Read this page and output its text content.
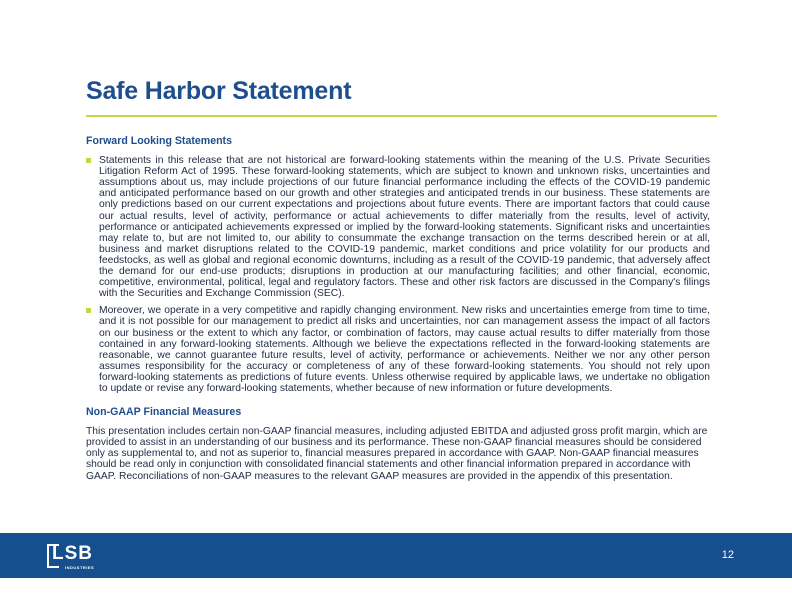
Safe Harbor Statement
Forward Looking Statements
Statements in this release that are not historical are forward-looking statements within the meaning of the U.S. Private Securities Litigation Reform Act of 1995. These forward-looking statements, which are subject to known and unknown risks, uncertainties and assumptions about us, may include projections of our future financial performance including the effects of the COVID-19 pandemic and anticipated performance based on our growth and other strategies and anticipated trends in our business. These statements are only predictions based on our current expectations and projections about future events. There are important factors that could cause our actual results, level of activity, performance or actual achievements to differ materially from the results, level of activity, performance or anticipated achievements expressed or implied by the forward-looking statements. Significant risks and uncertainties may relate to, but are not limited to, our ability to consummate the exchange transaction on the terms described herein or at all, business and market disruptions related to the COVID-19 pandemic, market conditions and price volatility for our products and feedstocks, as well as global and regional economic downturns, including as a result of the COVID-19 pandemic, that adversely affect the demand for our end-use products; disruptions in production at our manufacturing facilities; and other financial, economic, competitive, environmental, political, legal and regulatory factors. These and other risk factors are discussed in the Company's filings with the Securities and Exchange Commission (SEC).
Moreover, we operate in a very competitive and rapidly changing environment. New risks and uncertainties emerge from time to time, and it is not possible for our management to predict all risks and uncertainties, nor can management assess the impact of all factors on our business or the extent to which any factor, or combination of factors, may cause actual results to differ materially from those contained in any forward-looking statements. Although we believe the expectations reflected in the forward-looking statements are reasonable, we cannot guarantee future results, level of activity, performance or achievements. Neither we nor any other person assumes responsibility for the accuracy or completeness of any of these forward-looking statements. You should not rely upon forward-looking statements as predictions of future events. Unless otherwise required by applicable laws, we undertake no obligation to update or revise any forward-looking statements, whether because of new information or future developments.
Non-GAAP Financial Measures

This presentation includes certain non-GAAP financial measures, including adjusted EBITDA and adjusted gross profit margin, which are provided to assist in an understanding of our business and its performance. These non-GAAP financial measures should be considered only as supplemental to, and not as superior to, financial measures prepared in accordance with GAAP. Non-GAAP financial measures should be read only in conjunction with consolidated financial statements and other financial information prepared in accordance with GAAP. Reconciliations of non-GAAP measures to the relevant GAAP measures are provided in the appendix of this presentation.

LSB
INDUSTRIES
12
